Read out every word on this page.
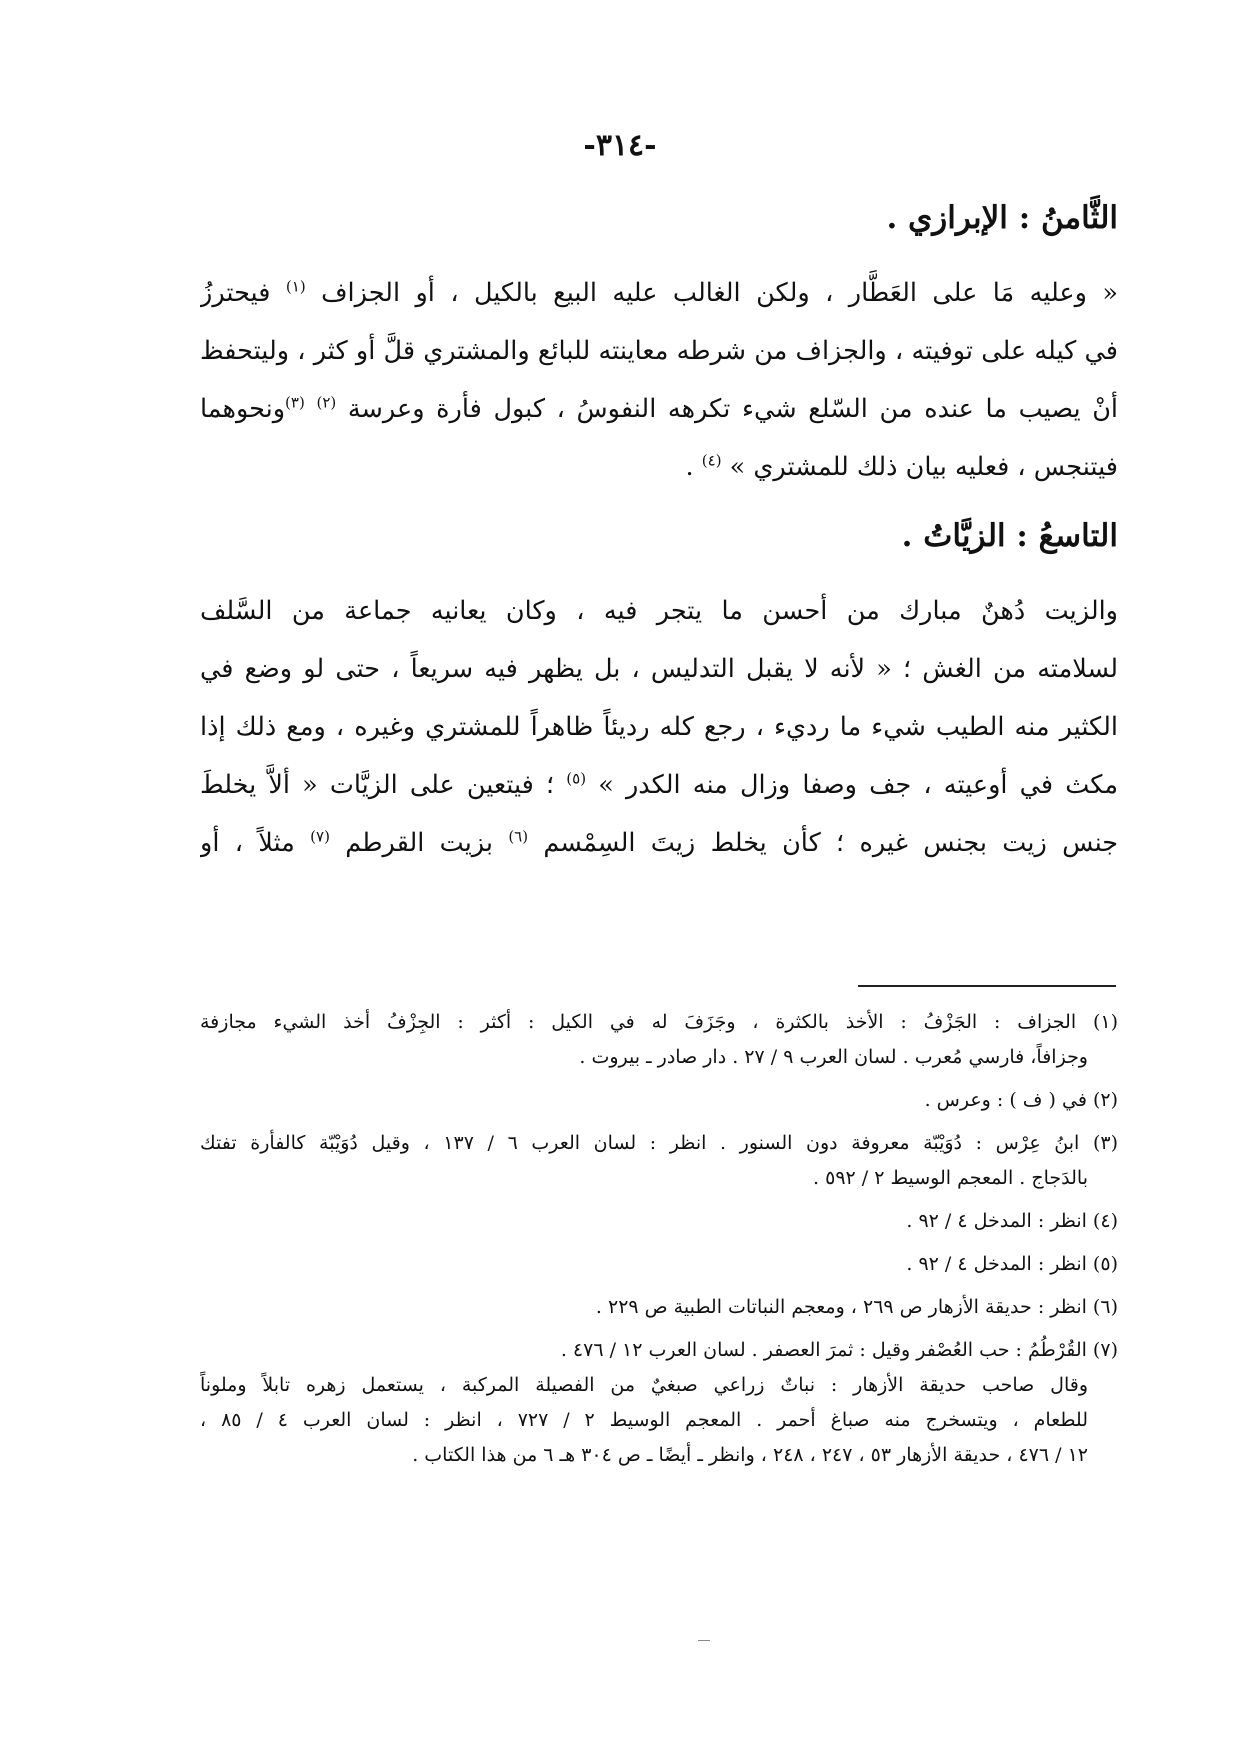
-٣١٤-
الثَّامنُ : الإبرازي .
« وعليه مَا على العَطَّار ، ولكن الغالب عليه البيع بالكيل ، أو الجزاف $^{(١)}$ فيحترزُ
في كيله على توفيته ، والجزاف من شرطه معاينته للبائع والمشتري قلَّ أو كثر ، وليتحفظ
أنْ يصيب ما عنده من السّلع شيء تكرهه النفوسُ ، كبول فأرة وعرسة $^{(٢)}$ $^{(٣)}$ونحوهما
فيتنجس ، فعليه بيان ذلك للمشتري » $^{(٤)}$ .
التاسعُ : الزيَّاتُ .
والزيت دُهنٌ مبارك من أحسن ما يتجر فيه ، وكان يعانيه جماعة من السَّلف
لسلامته من الغش ؛ « لأنه لا يقبل التدليس ، بل يظهر فيه سريعاً ، حتى لو وضع في
الكثير منه الطيب شيء ما رديء ، رجع كله رديئاً ظاهراً للمشتري وغيره ، ومع ذلك إذا
مكث في أوعيته ، جف وصفا وزال منه الكدر » $^{(٥)}$ ؛ فيتعين على الزيَّات « ألاَّ يخلطَ
جنس زيت بجنس غيره ؛ كأن يخلط زيتَ السِمْسم $^{(٦)}$ بزيت القرطم $^{(٧)}$ مثلاً ، أو
(١) الجزاف : الجَزْفُ : الأخذ بالكثرة ، وجَزَفَ له في الكيل : أكثر : الجِزْفُ أخذ الشيء مجازفة
وجزافاً، فارسي مُعرب . لسان العرب ٩ / ٢٧ . دار صادر ـ بيروت .
(٢) في ( ف ) : وعرس .
(٣) ابنُ عِرْس : دُوَيْبّة معروفة دون السنور . انظر : لسان العرب ٦ / ١٣٧ ، وقيل دُوَيْبّة كالفأرة تفتك
بالدَجاج . المعجم الوسيط ٢ / ٥٩٢ .
(٤) انظر : المدخل ٤ / ٩٢ .
(٥) انظر : المدخل ٤ / ٩٢ .
(٦) انظر : حديقة الأزهار ص ٢٦٩ ، ومعجم النباتات الطبية ص ٢٢٩ .
(٧) القُرْطُمُ : حب العُصْفر وقيل : ثمرَ العصفر . لسان العرب ١٢ / ٤٧٦ .
وقال صاحب حديقة الأزهار : نباتٌ زراعي صبغيٌ من الفصيلة المركبة ، يستعمل زهره تابلاً وملوناً
للطعام ، ويتسخرج منه صباغ أحمر . المعجم الوسيط ٢ / ٧٢٧ ، انظر : لسان العرب ٤ / ٨٥ ،
١٢ / ٤٧٦ ، حديقة الأزهار ٥٣ ، ٢٤٧ ، ٢٤٨ ، وانظر ـ أيضًا ـ ص ٣٠٤ هـ ٦ من هذا الكتاب .
